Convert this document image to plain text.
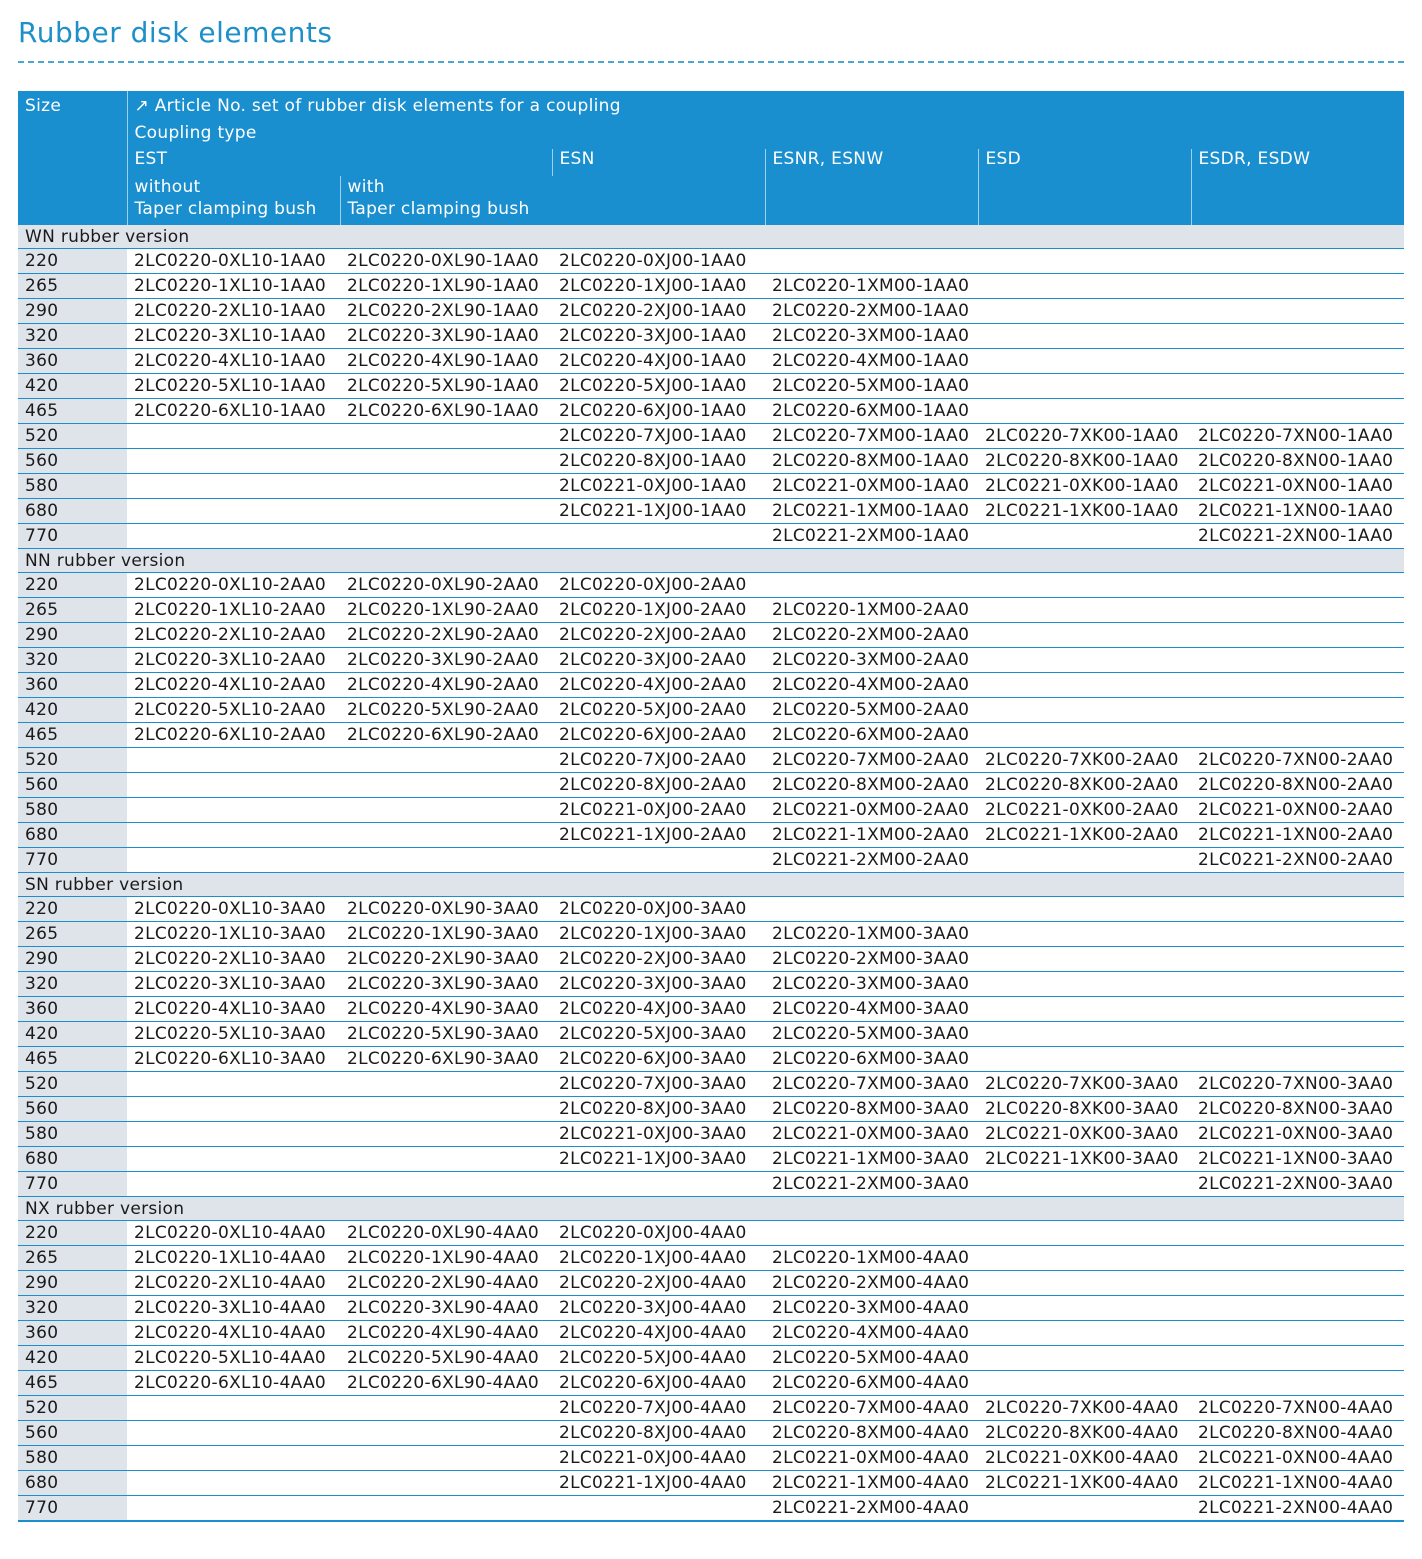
Rubber disk elements
Size	↗ Article No. set of rubber disk elements for a coupling					
	Coupling type					
	EST		ESN	ESNR, ESNW	ESD	ESDR, ESDW
	without
Taper clamping bush	with
Taper clamping bush				
WN rubber version						
220	2LC0220-0XL10-1AA0	2LC0220-0XL90-1AA0	2LC0220-0XJ00-1AA0			
265	2LC0220-1XL10-1AA0	2LC0220-1XL90-1AA0	2LC0220-1XJ00-1AA0	2LC0220-1XM00-1AA0		
290	2LC0220-2XL10-1AA0	2LC0220-2XL90-1AA0	2LC0220-2XJ00-1AA0	2LC0220-2XM00-1AA0		
320	2LC0220-3XL10-1AA0	2LC0220-3XL90-1AA0	2LC0220-3XJ00-1AA0	2LC0220-3XM00-1AA0		
360	2LC0220-4XL10-1AA0	2LC0220-4XL90-1AA0	2LC0220-4XJ00-1AA0	2LC0220-4XM00-1AA0		
420	2LC0220-5XL10-1AA0	2LC0220-5XL90-1AA0	2LC0220-5XJ00-1AA0	2LC0220-5XM00-1AA0		
465	2LC0220-6XL10-1AA0	2LC0220-6XL90-1AA0	2LC0220-6XJ00-1AA0	2LC0220-6XM00-1AA0		
520			2LC0220-7XJ00-1AA0	2LC0220-7XM00-1AA0	2LC0220-7XK00-1AA0	2LC0220-7XN00-1AA0
560			2LC0220-8XJ00-1AA0	2LC0220-8XM00-1AA0	2LC0220-8XK00-1AA0	2LC0220-8XN00-1AA0
580			2LC0221-0XJ00-1AA0	2LC0221-0XM00-1AA0	2LC0221-0XK00-1AA0	2LC0221-0XN00-1AA0
680			2LC0221-1XJ00-1AA0	2LC0221-1XM00-1AA0	2LC0221-1XK00-1AA0	2LC0221-1XN00-1AA0
770				2LC0221-2XM00-1AA0		2LC0221-2XN00-1AA0
NN rubber version						
220	2LC0220-0XL10-2AA0	2LC0220-0XL90-2AA0	2LC0220-0XJ00-2AA0			
265	2LC0220-1XL10-2AA0	2LC0220-1XL90-2AA0	2LC0220-1XJ00-2AA0	2LC0220-1XM00-2AA0		
290	2LC0220-2XL10-2AA0	2LC0220-2XL90-2AA0	2LC0220-2XJ00-2AA0	2LC0220-2XM00-2AA0		
320	2LC0220-3XL10-2AA0	2LC0220-3XL90-2AA0	2LC0220-3XJ00-2AA0	2LC0220-3XM00-2AA0		
360	2LC0220-4XL10-2AA0	2LC0220-4XL90-2AA0	2LC0220-4XJ00-2AA0	2LC0220-4XM00-2AA0		
420	2LC0220-5XL10-2AA0	2LC0220-5XL90-2AA0	2LC0220-5XJ00-2AA0	2LC0220-5XM00-2AA0		
465	2LC0220-6XL10-2AA0	2LC0220-6XL90-2AA0	2LC0220-6XJ00-2AA0	2LC0220-6XM00-2AA0		
520			2LC0220-7XJ00-2AA0	2LC0220-7XM00-2AA0	2LC0220-7XK00-2AA0	2LC0220-7XN00-2AA0
560			2LC0220-8XJ00-2AA0	2LC0220-8XM00-2AA0	2LC0220-8XK00-2AA0	2LC0220-8XN00-2AA0
580			2LC0221-0XJ00-2AA0	2LC0221-0XM00-2AA0	2LC0221-0XK00-2AA0	2LC0221-0XN00-2AA0
680			2LC0221-1XJ00-2AA0	2LC0221-1XM00-2AA0	2LC0221-1XK00-2AA0	2LC0221-1XN00-2AA0
770				2LC0221-2XM00-2AA0		2LC0221-2XN00-2AA0
SN rubber version						
220	2LC0220-0XL10-3AA0	2LC0220-0XL90-3AA0	2LC0220-0XJ00-3AA0			
265	2LC0220-1XL10-3AA0	2LC0220-1XL90-3AA0	2LC0220-1XJ00-3AA0	2LC0220-1XM00-3AA0		
290	2LC0220-2XL10-3AA0	2LC0220-2XL90-3AA0	2LC0220-2XJ00-3AA0	2LC0220-2XM00-3AA0		
320	2LC0220-3XL10-3AA0	2LC0220-3XL90-3AA0	2LC0220-3XJ00-3AA0	2LC0220-3XM00-3AA0		
360	2LC0220-4XL10-3AA0	2LC0220-4XL90-3AA0	2LC0220-4XJ00-3AA0	2LC0220-4XM00-3AA0		
420	2LC0220-5XL10-3AA0	2LC0220-5XL90-3AA0	2LC0220-5XJ00-3AA0	2LC0220-5XM00-3AA0		
465	2LC0220-6XL10-3AA0	2LC0220-6XL90-3AA0	2LC0220-6XJ00-3AA0	2LC0220-6XM00-3AA0		
520			2LC0220-7XJ00-3AA0	2LC0220-7XM00-3AA0	2LC0220-7XK00-3AA0	2LC0220-7XN00-3AA0
560			2LC0220-8XJ00-3AA0	2LC0220-8XM00-3AA0	2LC0220-8XK00-3AA0	2LC0220-8XN00-3AA0
580			2LC0221-0XJ00-3AA0	2LC0221-0XM00-3AA0	2LC0221-0XK00-3AA0	2LC0221-0XN00-3AA0
680			2LC0221-1XJ00-3AA0	2LC0221-1XM00-3AA0	2LC0221-1XK00-3AA0	2LC0221-1XN00-3AA0
770				2LC0221-2XM00-3AA0		2LC0221-2XN00-3AA0
NX rubber version						
220	2LC0220-0XL10-4AA0	2LC0220-0XL90-4AA0	2LC0220-0XJ00-4AA0			
265	2LC0220-1XL10-4AA0	2LC0220-1XL90-4AA0	2LC0220-1XJ00-4AA0	2LC0220-1XM00-4AA0		
290	2LC0220-2XL10-4AA0	2LC0220-2XL90-4AA0	2LC0220-2XJ00-4AA0	2LC0220-2XM00-4AA0		
320	2LC0220-3XL10-4AA0	2LC0220-3XL90-4AA0	2LC0220-3XJ00-4AA0	2LC0220-3XM00-4AA0		
360	2LC0220-4XL10-4AA0	2LC0220-4XL90-4AA0	2LC0220-4XJ00-4AA0	2LC0220-4XM00-4AA0		
420	2LC0220-5XL10-4AA0	2LC0220-5XL90-4AA0	2LC0220-5XJ00-4AA0	2LC0220-5XM00-4AA0		
465	2LC0220-6XL10-4AA0	2LC0220-6XL90-4AA0	2LC0220-6XJ00-4AA0	2LC0220-6XM00-4AA0		
520			2LC0220-7XJ00-4AA0	2LC0220-7XM00-4AA0	2LC0220-7XK00-4AA0	2LC0220-7XN00-4AA0
560			2LC0220-8XJ00-4AA0	2LC0220-8XM00-4AA0	2LC0220-8XK00-4AA0	2LC0220-8XN00-4AA0
580			2LC0221-0XJ00-4AA0	2LC0221-0XM00-4AA0	2LC0221-0XK00-4AA0	2LC0221-0XN00-4AA0
680			2LC0221-1XJ00-4AA0	2LC0221-1XM00-4AA0	2LC0221-1XK00-4AA0	2LC0221-1XN00-4AA0
770				2LC0221-2XM00-4AA0		2LC0221-2XN00-4AA0
